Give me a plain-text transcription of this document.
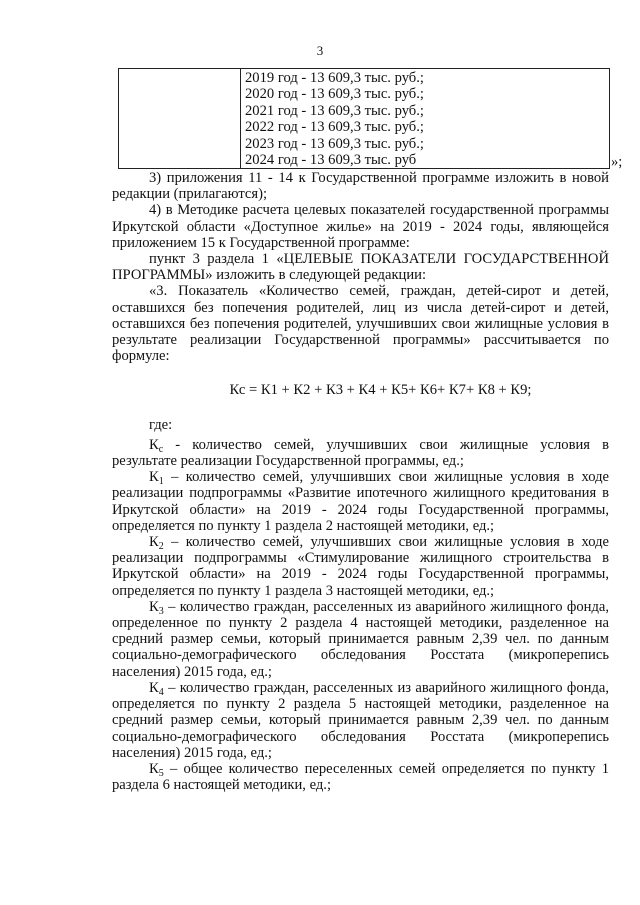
3
2019 год - 13 609,3 тыс. руб.;
2020 год - 13 609,3 тыс. руб.;
2021 год - 13 609,3 тыс. руб.;
2022 год - 13 609,3 тыс. руб.;
2023 год - 13 609,3 тыс. руб.;
2024 год - 13 609,3 тыс. руб	»;

3) приложения 11 - 14 к Государственной программе изложить в новой редакции (прилагаются);

4) в Методике расчета целевых показателей государственной программы Иркутской области «Доступное жилье» на 2019 - 2024 годы, являющейся приложением 15 к Государственной программе:

пункт 3 раздела 1 «ЦЕЛЕВЫЕ ПОКАЗАТЕЛИ ГОСУДАРСТВЕННОЙ ПРОГРАММЫ» изложить в следующей редакции:

«3. Показатель «Количество семей, граждан, детей-сирот и детей, оставшихся без попечения родителей, лиц из числа детей-сирот и детей, оставшихся без попечения родителей, улучшивших свои жилищные условия в результате реализации Государственной программы» рассчитывается по формуле:

Кс = К1 + К2 + К3 + К4 + К5+ К6+ К7+ К8 + К9;

где:

$К_с$ - количество семей, улучшивших свои жилищные условия в результате реализации Государственной программы, ед.;

$К_1$ – количество семей, улучшивших свои жилищные условия в ходе реализации подпрограммы «Развитие ипотечного жилищного кредитования в Иркутской области» на 2019 - 2024 годы Государственной программы, определяется по пункту 1 раздела 2 настоящей методики, ед.;

$К_2$ – количество семей, улучшивших свои жилищные условия в ходе реализации подпрограммы «Стимулирование жилищного строительства в Иркутской области» на 2019 - 2024 годы Государственной программы, определяется по пункту 1 раздела 3 настоящей методики, ед.;

$К_3$ – количество граждан, расселенных из аварийного жилищного фонда, определенное по пункту 2 раздела 4 настоящей методики, разделенное на средний размер семьи, который принимается равным 2,39 чел. по данным социально-демографического обследования Росстата (микроперепись населения) 2015 года, ед.;

$К_4$ – количество граждан, расселенных из аварийного жилищного фонда, определяется по пункту 2 раздела 5 настоящей методики, разделенное на средний размер семьи, который принимается равным 2,39 чел. по данным социально-демографического обследования Росстата (микроперепись населения) 2015 года, ед.;

$К_5$ – общее количество переселенных семей определяется по пункту 1 раздела 6 настоящей методики, ед.;
